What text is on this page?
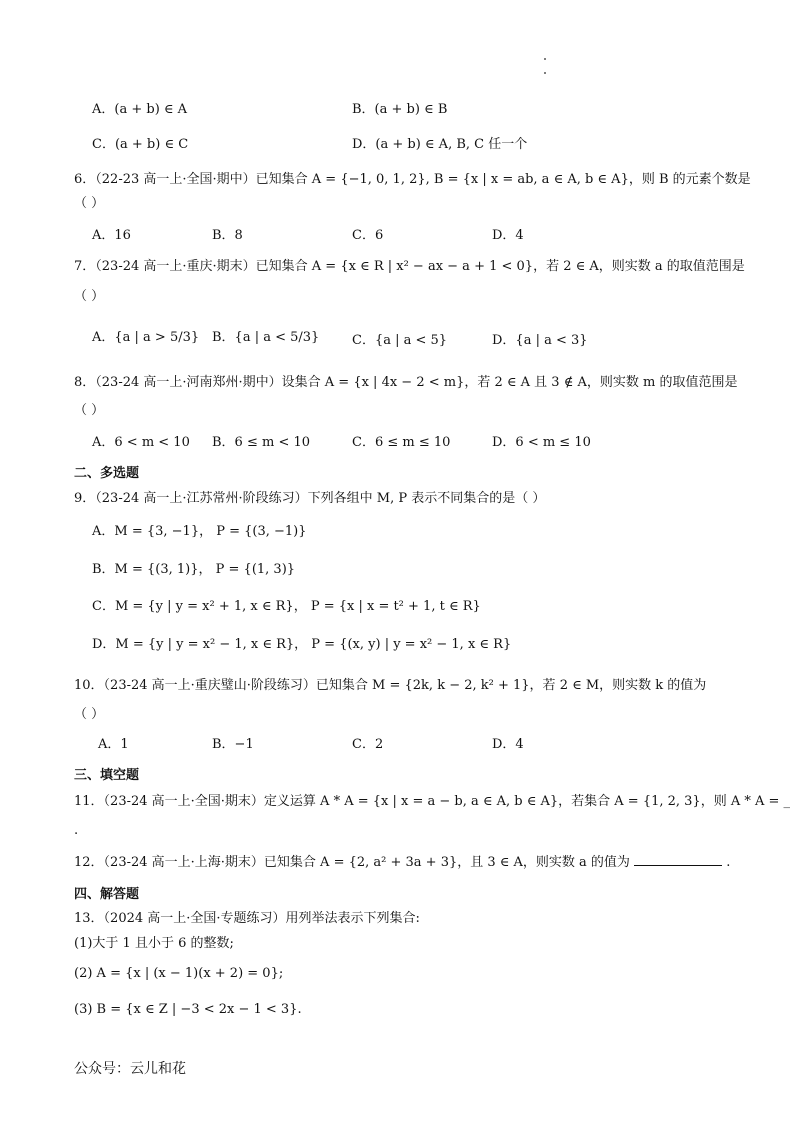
A．(a + b) ∈ A	B．(a + b) ∈ B
C．(a + b) ∈ C	D．(a + b) ∈ A, B, C 任一个
6．（22-23 高一上·全国·期中）已知集合 A = {−1, 0, 1, 2}, B = {x | x = ab, a ∈ A, b ∈ A}，则 B 的元素个数是
（ ）
A．16	B．8	C．6	D．4
7．（23-24 高一上·重庆·期末）已知集合 A = {x ∈ R | x² − ax − a + 1 < 0}，若 2 ∈ A，则实数 a 的取值范围是
（ ）
A．{a | a > 5/3} B．{a | a < 5/3}	C．{a | a < 5}	D．{a | a < 3}
8．（23-24 高一上·河南郑州·期中）设集合 A = {x | 4x − 2 < m}，若 2 ∈ A 且 3 ∉ A，则实数 m 的取值范围是
（ ）
A．6 < m < 10 B．6 ≤ m < 10	C．6 ≤ m ≤ 10	D．6 < m ≤ 10
二、多选题
9．（23-24 高一上·江苏常州·阶段练习）下列各组中 M, P 表示不同集合的是（ ）
A．M = {3, −1}， P = {(3, −1)}
B．M = {(3, 1)}， P = {(1, 3)}
C．M = {y | y = x² + 1, x ∈ R}， P = {x | x = t² + 1, t ∈ R}
D．M = {y | y = x² − 1, x ∈ R}， P = {(x, y) | y = x² − 1, x ∈ R}
10．（23-24 高一上·重庆璧山·阶段练习）已知集合 M = {2k, k − 2, k² + 1}，若 2 ∈ M，则实数 k 的值为
（ ）
A．1	B．−1	C．2	D．4
三、填空题
11．（23-24 高一上·全国·期末）定义运算 A * A = {x | x = a − b, a ∈ A, b ∈ A}，若集合 A = {1, 2, 3}，则 A * A = _
.
12．（23-24 高一上·上海·期末）已知集合 A = {2, a² + 3a + 3}，且 3 ∈ A，则实数 a 的值为	.
四、解答题
13．（2024 高一上·全国·专题练习）用列举法表示下列集合:
(1)大于 1 且小于 6 的整数;
(2) A = {x | (x − 1)(x + 2) = 0};
(3) B = {x ∈ Z | −3 < 2x − 1 < 3}.
公众号：云儿和花
